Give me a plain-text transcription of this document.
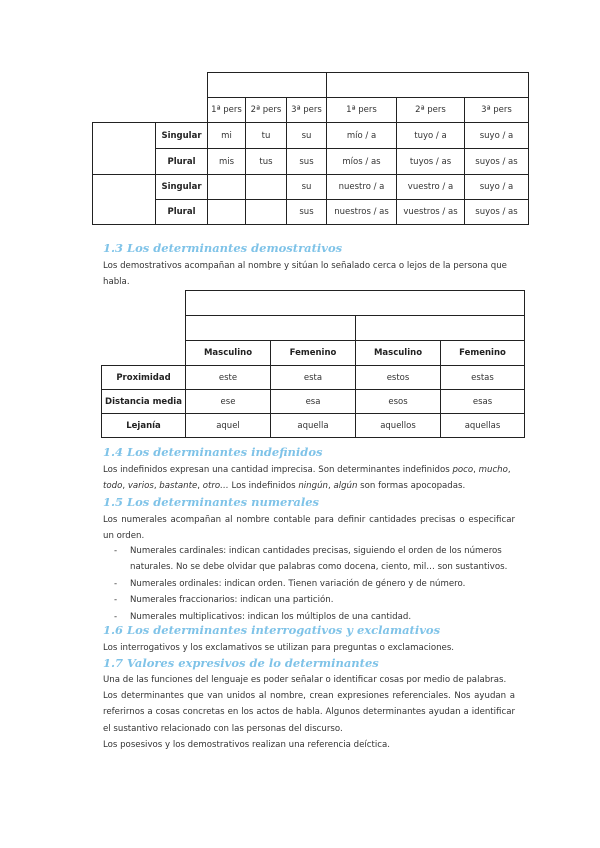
		1ª pers	2ª pers	3ª pers	1ª pers	2ª pers	3ª pers
	Singular	mi	tu	su	mío / a	tuyo / a	suyo / a
	Plural	mis	tus	sus	míos / as	tuyos / as	suyos / as
	Singular			su	nuestro / a	vuestro / a	suyo / a
	Plural			sus	nuestros / as	vuestros / as	suyos / as
1.3 Los determinantes demostrativos

Los demostrativos acompañan al nombre y sitúan lo señalado cerca o lejos de la persona que habla.

	Masculino	Femenino	Masculino	Femenino
Proximidad	este	esta	estos	estas
Distancia media	ese	esa	esos	esas
Lejanía	aquel	aquella	aquellos	aquellas
1.4 Los determinantes indefinidos

Los indefinidos expresan una cantidad imprecisa. Son determinantes indefinidos poco, mucho, todo, varios, bastante, otro… Los indefinidos ningún, algún son formas apocopadas.

1.5 Los determinantes numerales

Los numerales acompañan al nombre contable para definir cantidades precisas o especificar un orden.

- Numerales cardinales: indican cantidades precisas, siguiendo el orden de los números naturales. No se debe olvidar que palabras como docena, ciento, mil… son sustantivos.
- Numerales ordinales: indican orden. Tienen variación de género y de número.
- Numerales fraccionarios: indican una partición.
- Numerales multiplicativos: indican los múltiplos de una cantidad.
1.6 Los determinantes interrogativos y exclamativos

Los interrogativos y los exclamativos se utilizan para preguntas o exclamaciones.

1.7 Valores expresivos de lo determinantes

Una de las funciones del lenguaje es poder señalar o identificar cosas por medio de palabras.

Los determinantes que van unidos al nombre, crean expresiones referenciales. Nos ayudan a referirnos a cosas concretas en los actos de habla. Algunos determinantes ayudan a identificar el sustantivo relacionado con las personas del discurso.

Los posesivos y los demostrativos realizan una referencia deíctica.
